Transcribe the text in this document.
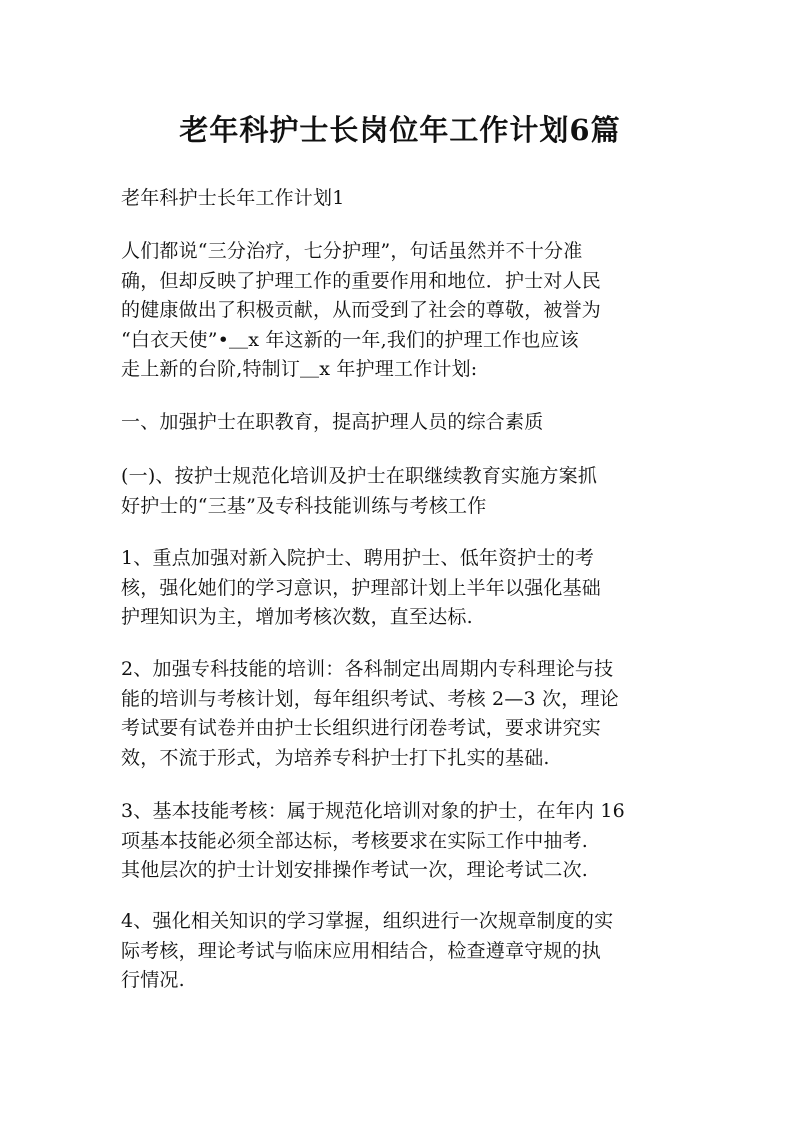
老年科护士长岗位年工作计划6篇

老年科护士长年工作计划1

人们都说“三分治疗，七分护理”，句话虽然并不十分准
确，但却反映了护理工作的重要作用和地位．护士对人民
的健康做出了积极贡献，从而受到了社会的尊敬，被誉为
“白衣天使”•＿x 年这新的一年,我们的护理工作也应该
走上新的台阶,特制订＿x 年护理工作计划:

一、加强护士在职教育，提高护理人员的综合素质

(一)、按护士规范化培训及护士在职继续教育实施方案抓
好护士的“三基”及专科技能训练与考核工作

1、重点加强对新入院护士、聘用护士、低年资护士的考
核，强化她们的学习意识，护理部计划上半年以强化基础
护理知识为主，增加考核次数，直至达标.

2、加强专科技能的培训：各科制定出周期内专科理论与技
能的培训与考核计划，每年组织考试、考核 2—3 次，理论
考试要有试卷并由护士长组织进行闭卷考试，要求讲究实
效，不流于形式，为培养专科护士打下扎实的基础.

3、基本技能考核：属于规范化培训对象的护士，在年内 16
项基本技能必须全部达标，考核要求在实际工作中抽考.
其他层次的护士计划安排操作考试一次，理论考试二次.

4、强化相关知识的学习掌握，组织进行一次规章制度的实
际考核，理论考试与临床应用相结合，检查遵章守规的执
行情况.
